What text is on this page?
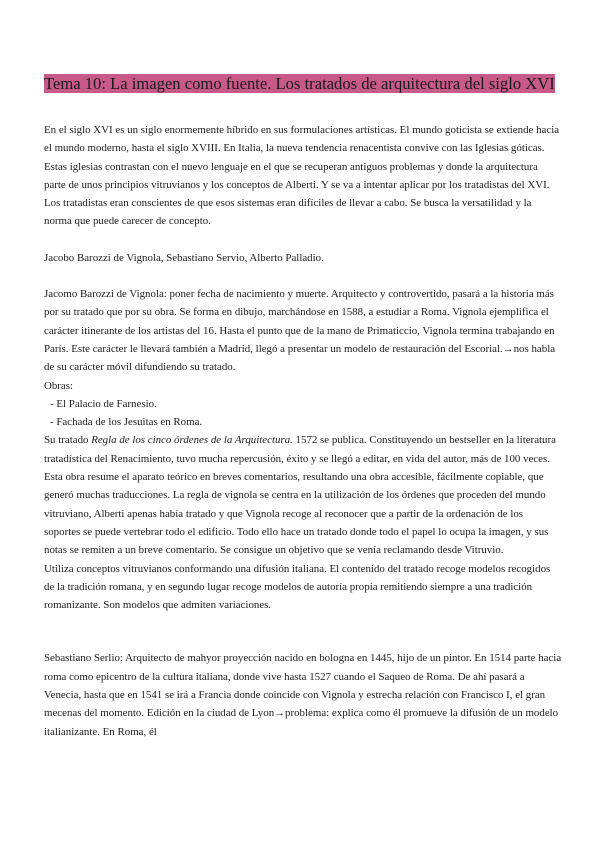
Tema 10: La imagen como fuente. Los tratados de arquitectura del siglo XVI

En el siglo XVI es un siglo enormemente híbrido en sus formulaciones artísticas. El mundo goticista se extiende hacia el mundo moderno, hasta el siglo XVIII. En Italia, la nueva tendencia renacentista convive con las Iglesias góticas. Estas iglesias contrastan con el nuevo lenguaje en el que se recuperan antiguos problemas y donde la arquitectura parte de unos principios vitruvianos y los conceptos de Alberti. Y se va a intentar aplicar por los tratadistas del XVI. Los tratadistas eran conscientes de que esos sistemas eran difíciles de llevar a cabo. Se busca la versatilidad y la norma que puede carecer de concepto.

Jacobo Barozzi de Vignola, Sebastiano Servio, Alberto Palladio.

Jacomo Barozzi de Vignola: poner fecha de nacimiento y muerte. Arquitecto y controvertido, pasará a la historia más por su tratado que por su obra. Se forma en dibujo, marchándose en 1588, a estudiar a Roma. Vignola ejemplifica el carácter itinerante de los artistas del 16. Hasta el punto que de la mano de Primaticcio, Vignola termina trabajando en París. Este carácter le llevará también a Madrid, llegó a presentar un modelo de restauración del Escorial.→nos habla de su carácter móvil difundiendo su tratado.

Obras:

- El Palacio de Farnesio.
- Fachada de los Jesuitas en Roma.

Su tratado Regla de los cinco órdenes de la Arquitectura. 1572 se publica. Constituyendo un bestseller en la literatura tratadística del Renacimiento, tuvo mucha repercusión, éxito y se llegó a editar, en vida del autor, más de 100 veces. Esta obra resume el aparato teórico en breves comentarios, resultando una obra accesible, fácilmente copiable, que generó muchas traducciones. La regla de vignola se centra en la utilización de los órdenes que proceden del mundo vitruviano, Alberti apenas había tratado y que Vignola recoge al reconocer que a partir de la ordenación de los soportes se puede vertebrar todo el edificio. Todo ello hace un tratado donde todo el papel lo ocupa la imagen, y sus notas se remiten a un breve comentario. Se consigue un objetivo que se venía reclamando desde Vitruvio.

Utiliza conceptos vitruvianos conformando una difusión italiana. El contenido del tratado recoge modelos recogidos de la tradición romana, y en segundo lugar recoge modelos de autoría propia remitiendo siempre a una tradición romanizante. Son modelos que admiten variaciones.

Sebastiano Serlio: Arquitecto de mahyor proyección nacido en bologna en 1445, hijo de un pintor. En 1514 parte hacia roma como epicentro de la cultura italiana, donde vive hasta 1527 cuando el Saqueo de Roma. De ahí pasará a Venecia, hasta que en 1541 se irá a Francia donde coincide con Vignola y estrecha relación con Francisco I, el gran mecenas del momento. Edición en la ciudad de Lyon→problema: explica como él promueve la difusión de un modelo italianizante. En Roma, él
